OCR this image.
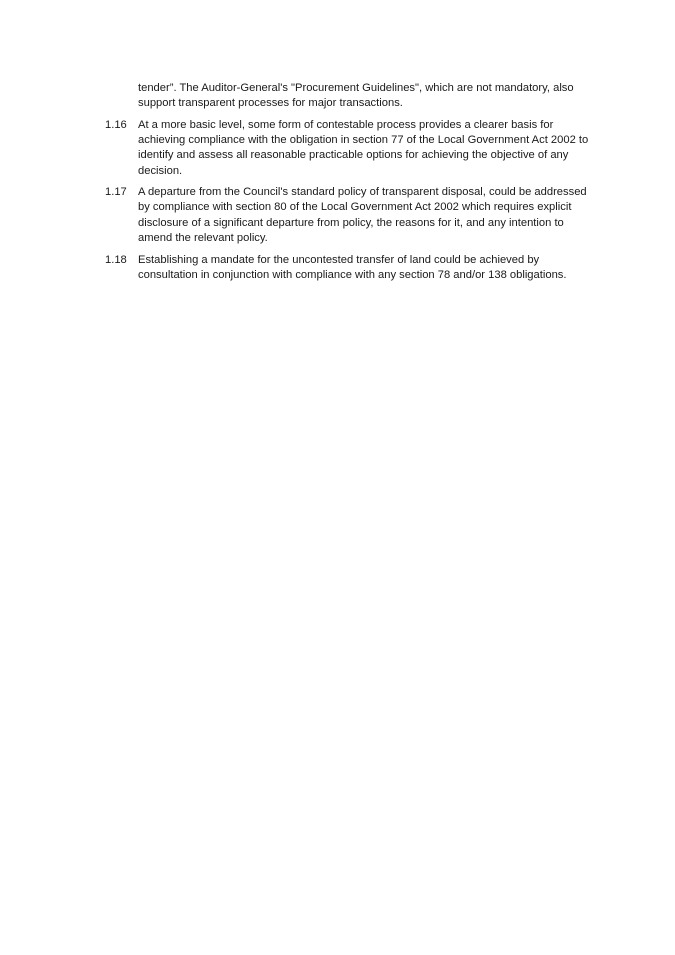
tender”. The Auditor-General's "Procurement Guidelines", which are not mandatory, also support transparent processes for major transactions.
1.16	At a more basic level, some form of contestable process provides a clearer basis for achieving compliance with the obligation in section 77 of the Local Government Act 2002 to identify and assess all reasonable practicable options for achieving the objective of any decision.
1.17	A departure from the Council's standard policy of transparent disposal, could be addressed by compliance with section 80 of the Local Government Act 2002 which requires explicit disclosure of a significant departure from policy, the reasons for it, and any intention to amend the relevant policy.
1.18	Establishing a mandate for the uncontested transfer of land could be achieved by consultation in conjunction with compliance with any section 78 and/or 138 obligations.
